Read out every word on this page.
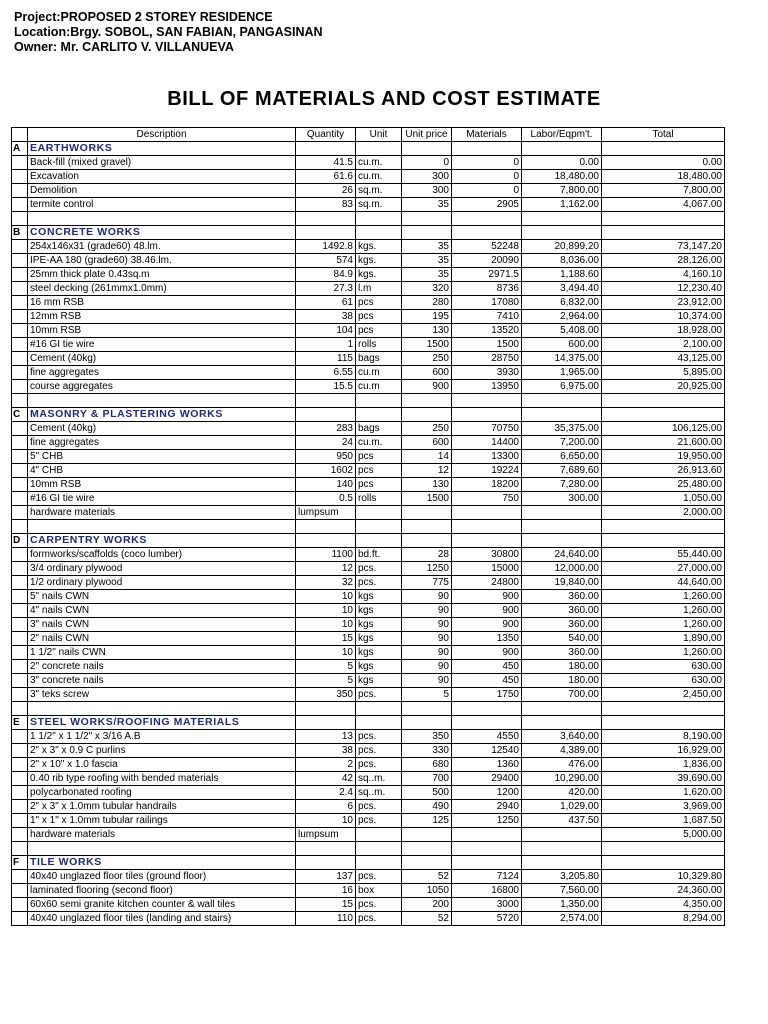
Project:PROPOSED 2 STOREY RESIDENCE
Location:Brgy. SOBOL, SAN FABIAN, PANGASINAN
Owner: Mr. CARLITO V. VILLANUEVA
BILL OF MATERIALS AND COST ESTIMATE
	Description	Quantity	Unit	Unit price	Materials	Labor/Eqpm't.	Total
A	EARTHWORKS						
	Back-fill (mixed gravel)	41.5	cu.m.	0	0	0.00	0.00
	Excavation	61.6	cu.m.	300	0	18,480.00	18,480.00
	Demolition	26	sq.m.	300	0	7,800.00	7,800.00
	termite control	83	sq.m.	35	2905	1,162.00	4,067.00

B	CONCRETE WORKS						
	254x146x31 (grade60) 48.lm.	1492.8	kgs.	35	52248	20,899.20	73,147.20
	IPE-AA 180 (grade60) 38.46.lm.	574	kgs.	35	20090	8,036.00	28,126.00
	25mm thick plate 0.43sq.m	84.9	kgs.	35	2971.5	1,188.60	4,160.10
	steel decking (261mmx1.0mm)	27.3	l.m	320	8736	3,494.40	12,230.40
	16 mm RSB	61	pcs	280	17080	6,832.00	23,912.00
	12mm RSB	38	pcs	195	7410	2,964.00	10,374.00
	10mm RSB	104	pcs	130	13520	5,408.00	18,928.00
	#16 GI tie wire	1	rolls	1500	1500	600.00	2,100.00
	Cement (40kg)	115	bags	250	28750	14,375.00	43,125.00
	fine aggregates	6.55	cu.m	600	3930	1,965.00	5,895.00
	course aggregates	15.5	cu.m	900	13950	6,975.00	20,925.00

C	MASONRY & PLASTERING WORKS						
	Cement (40kg)	283	bags	250	70750	35,375.00	106,125.00
	fine aggregates	24	cu.m.	600	14400	7,200.00	21,600.00
	5" CHB	950	pcs	14	13300	6,650.00	19,950.00
	4" CHB	1602	pcs	12	19224	7,689.60	26,913.60
	10mm RSB	140	pcs	130	18200	7,280.00	25,480.00
	#16 GI tie wire	0.5	rolls	1500	750	300.00	1,050.00
	hardware materials	lumpsum					2,000.00

D	CARPENTRY WORKS						
	formworks/scaffolds (coco lumber)	1100	bd.ft.	28	30800	24,640.00	55,440.00
	3/4 ordinary plywood	12	pcs.	1250	15000	12,000.00	27,000.00
	1/2 ordinary plywood	32	pcs.	775	24800	19,840.00	44,640.00
	5" nails CWN	10	kgs	90	900	360.00	1,260.00
	4" nails CWN	10	kgs	90	900	360.00	1,260.00
	3" nails CWN	10	kgs	90	900	360.00	1,260.00
	2" nails CWN	15	kgs	90	1350	540.00	1,890.00
	1 1/2" nails CWN	10	kgs	90	900	360.00	1,260.00
	2" concrete nails	5	kgs	90	450	180.00	630.00
	3" concrete nails	5	kgs	90	450	180.00	630.00
	3" teks screw	350	pcs.	5	1750	700.00	2,450.00

E	STEEL WORKS/ROOFING MATERIALS						
	1 1/2" x 1 1/2" x 3/16 A.B	13	pcs.	350	4550	3,640.00	8,190.00
	2" x 3" x 0.9 C purlins	38	pcs.	330	12540	4,389.00	16,929.00
	2" x 10" x 1.0 fascia	2	pcs.	680	1360	476.00	1,836.00
	0.40 rib type roofing with bended materials	42	sq..m.	700	29400	10,290.00	39,690.00
	polycarbonated roofing	2.4	sq..m.	500	1200	420.00	1,620.00
	2" x 3" x 1.0mm tubular handrails	6	pcs.	490	2940	1,029.00	3,969.00
	1" x 1" x 1.0mm tubular railings	10	pcs.	125	1250	437.50	1,687.50
	hardware materials	lumpsum					5,000.00

F	TILE WORKS						
	40x40 unglazed floor tiles (ground floor)	137	pcs.	52	7124	3,205.80	10,329.80
	laminated flooring (second floor)	16	box	1050	16800	7,560.00	24,360.00
	60x60 semi granite kitchen counter & wall tiles	15	pcs.	200	3000	1,350.00	4,350.00
	40x40 unglazed floor tiles (landing and stairs)	110	pcs.	52	5720	2,574.00	8,294.00
